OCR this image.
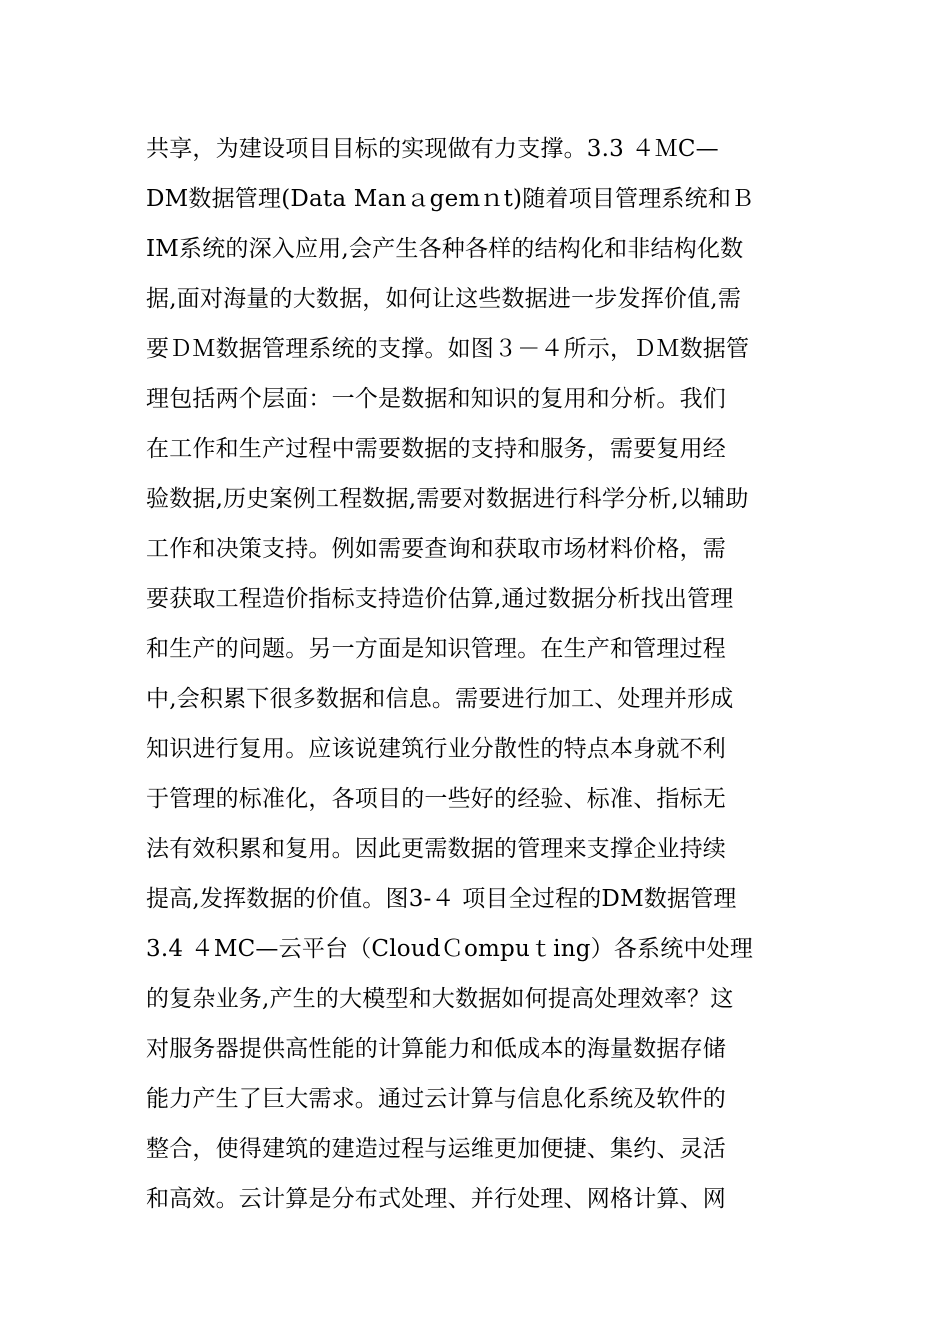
共享，为建设项目目标的实现做有力支撑。3.3 ４ＭC—
DM数据管理(Data Manａgemｎt)随着项目管理系统和Ｂ
IM系统的深入应用,会产生各种各样的结构化和非结构化数
据,面对海量的大数据，如何让这些数据进一步发挥价值,需
要ＤＭ数据管理系统的支撑。如图３－４所示，ＤＭ数据管
理包括两个层面：一个是数据和知识的复用和分析。我们
在工作和生产过程中需要数据的支持和服务，需要复用经
验数据,历史案例工程数据,需要对数据进行科学分析,以辅助
工作和决策支持。例如需要查询和获取市场材料价格，需
要获取工程造价指标支持造价估算,通过数据分析找出管理
和生产的问题。另一方面是知识管理。在生产和管理过程
中,会积累下很多数据和信息。需要进行加工、处理并形成
知识进行复用。应该说建筑行业分散性的特点本身就不利
于管理的标准化，各项目的一些好的经验、标准、指标无
法有效积累和复用。因此更需数据的管理来支撑企业持续
提高,发挥数据的价值。图3-４ 项目全过程的DM数据管理
3.4 ４MC—云平台（CloudＣompuｔing）各系统中处理
的复杂业务,产生的大模型和大数据如何提高处理效率？这
对服务器提供高性能的计算能力和低成本的海量数据存储
能力产生了巨大需求。通过云计算与信息化系统及软件的
整合，使得建筑的建造过程与运维更加便捷、集约、灵活
和高效。云计算是分布式处理、并行处理、网格计算、网
